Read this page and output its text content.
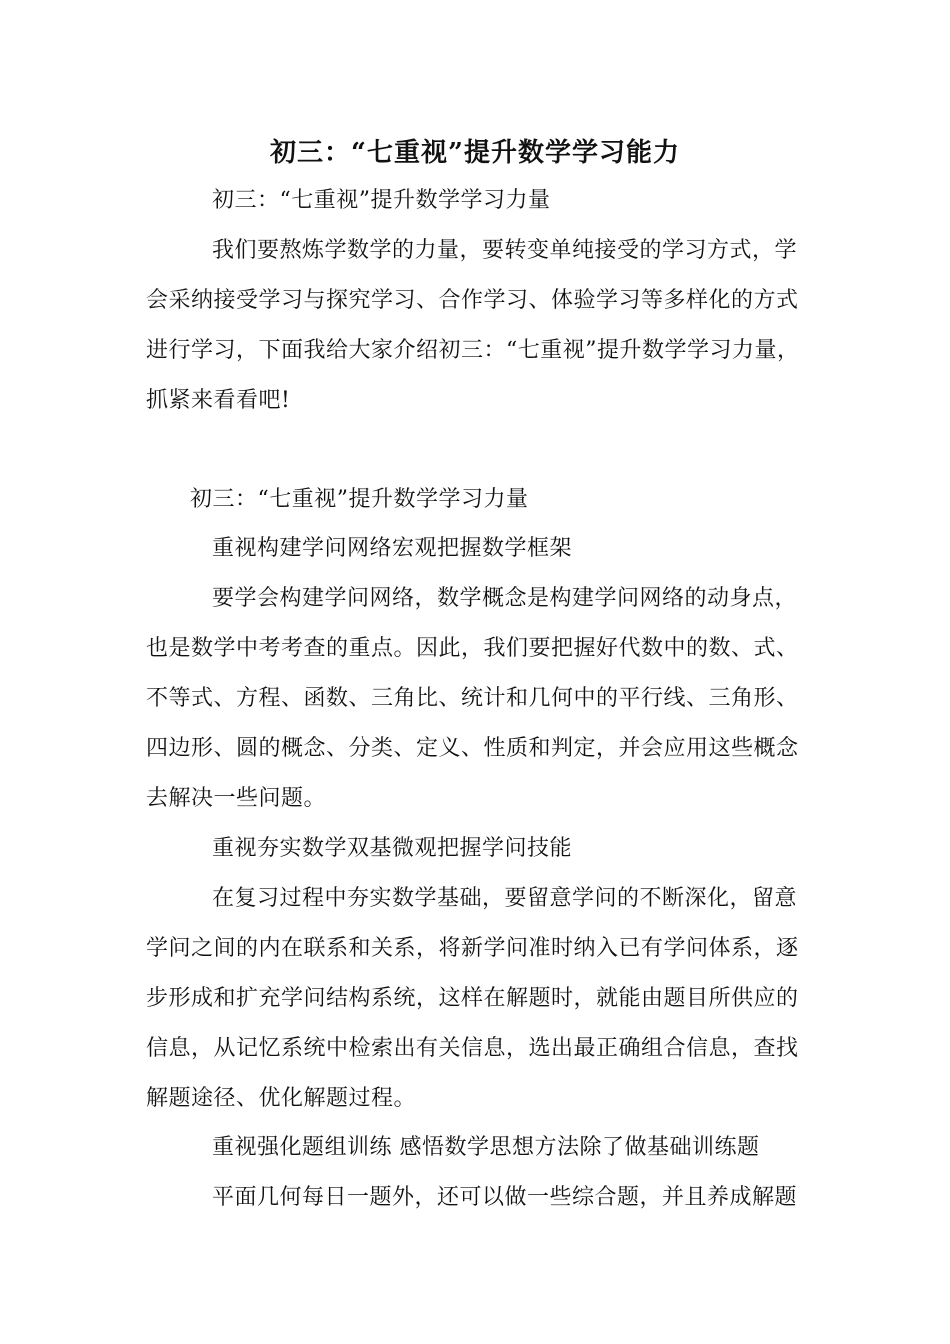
初三：“七重视”提升数学学习能力
初三：“七重视”提升数学学习力量
我们要熬炼学数学的力量，要转变单纯接受的学习方式，学
会采纳接受学习与探究学习、合作学习、体验学习等多样化的方式
进行学习，下面我给大家介绍初三：“七重视”提升数学学习力量，
抓紧来看看吧!
初三：“七重视”提升数学学习力量
重视构建学问网络宏观把握数学框架
要学会构建学问网络，数学概念是构建学问网络的动身点，
也是数学中考考查的重点。因此，我们要把握好代数中的数、式、
不等式、方程、函数、三角比、统计和几何中的平行线、三角形、
四边形、圆的概念、分类、定义、性质和判定，并会应用这些概念
去解决一些问题。
重视夯实数学双基微观把握学问技能
在复习过程中夯实数学基础，要留意学问的不断深化，留意
学问之间的内在联系和关系，将新学问准时纳入已有学问体系，逐
步形成和扩充学问结构系统，这样在解题时，就能由题目所供应的
信息，从记忆系统中检索出有关信息，选出最正确组合信息，查找
解题途径、优化解题过程。
重视强化题组训练 感悟数学思想方法除了做基础训练题
平面几何每日一题外，还可以做一些综合题，并且养成解题
